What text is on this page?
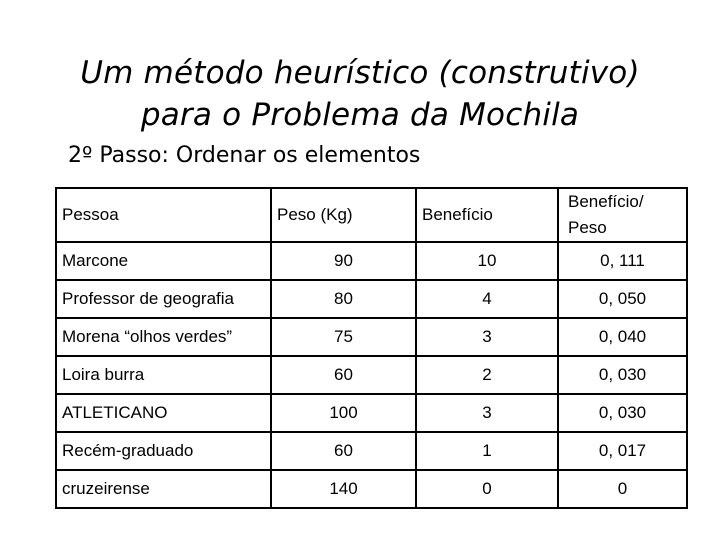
Um método heurístico (construtivo)
para o Problema da Mochila
2º Passo: Ordenar os elementos
Pessoa	Peso (Kg)	Benefício	Benefício/
Peso

Marcone	90	10	0, 111
Professor de geografia	80	4	0, 050
Morena “olhos verdes”	75	3	0, 040
Loira burra	60	2	0, 030
ATLETICANO	100	3	0, 030
Recém-graduado	60	1	0, 017
cruzeirense	140	0	0
